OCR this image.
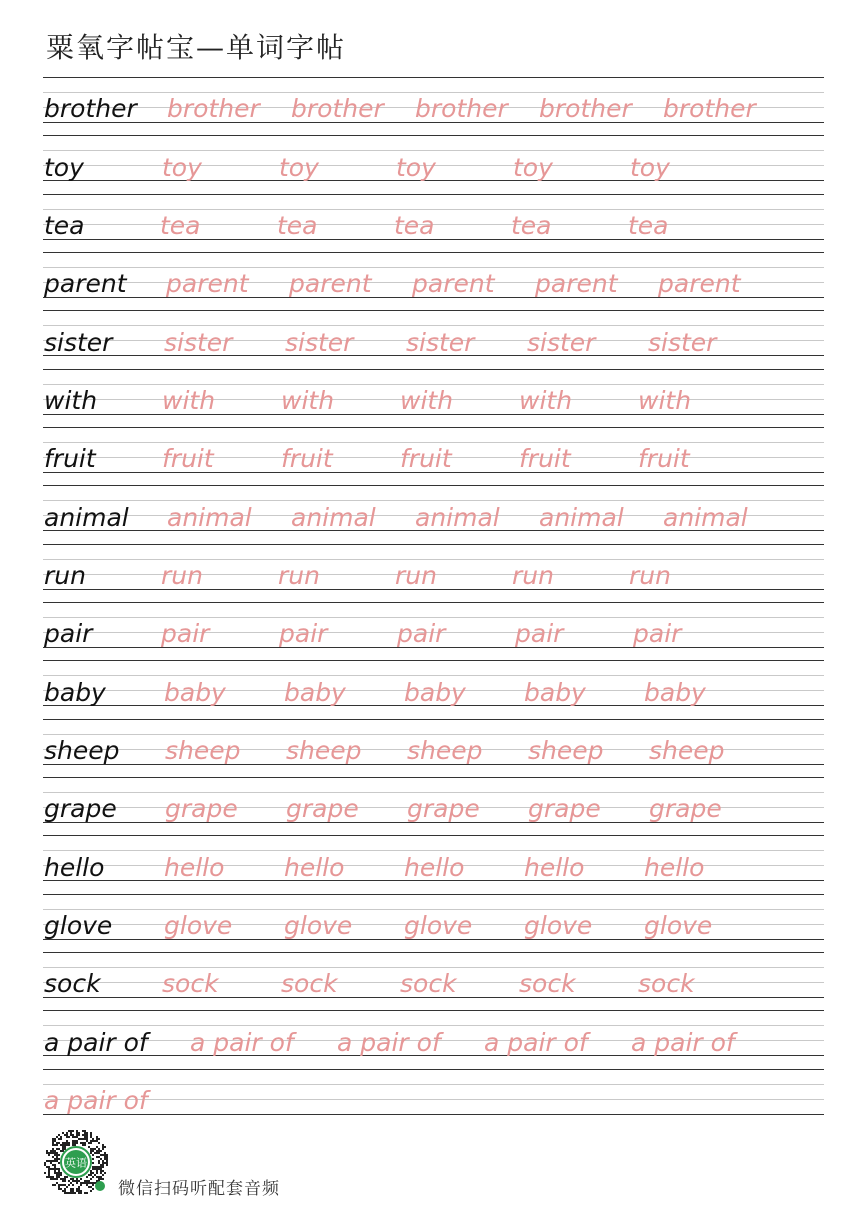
粟氧字帖宝—单词字帖
brother brother brother brother brother brother
toy	toy	toy	toy	toy	toy
tea	tea	tea	tea	tea	tea
parent parent parent parent parent parent
sister sister sister sister sister sister
with	with	with	with	with	with
fruit	fruit	fruit	fruit	fruit	fruit
animal animal animal animal animal animal
run	run	run	run	run	run
pair	pair	pair	pair	pair	pair
baby baby baby baby baby baby
sheep sheep sheep sheep sheep sheep
grape grape grape grape grape grape
hello hello hello hello hello hello
glove glove glove glove glove glove
sock sock sock sock sock sock
a pair of a pair of a pair of a pair of a pair of
a pair of
英语
微信扫码听配套音频
